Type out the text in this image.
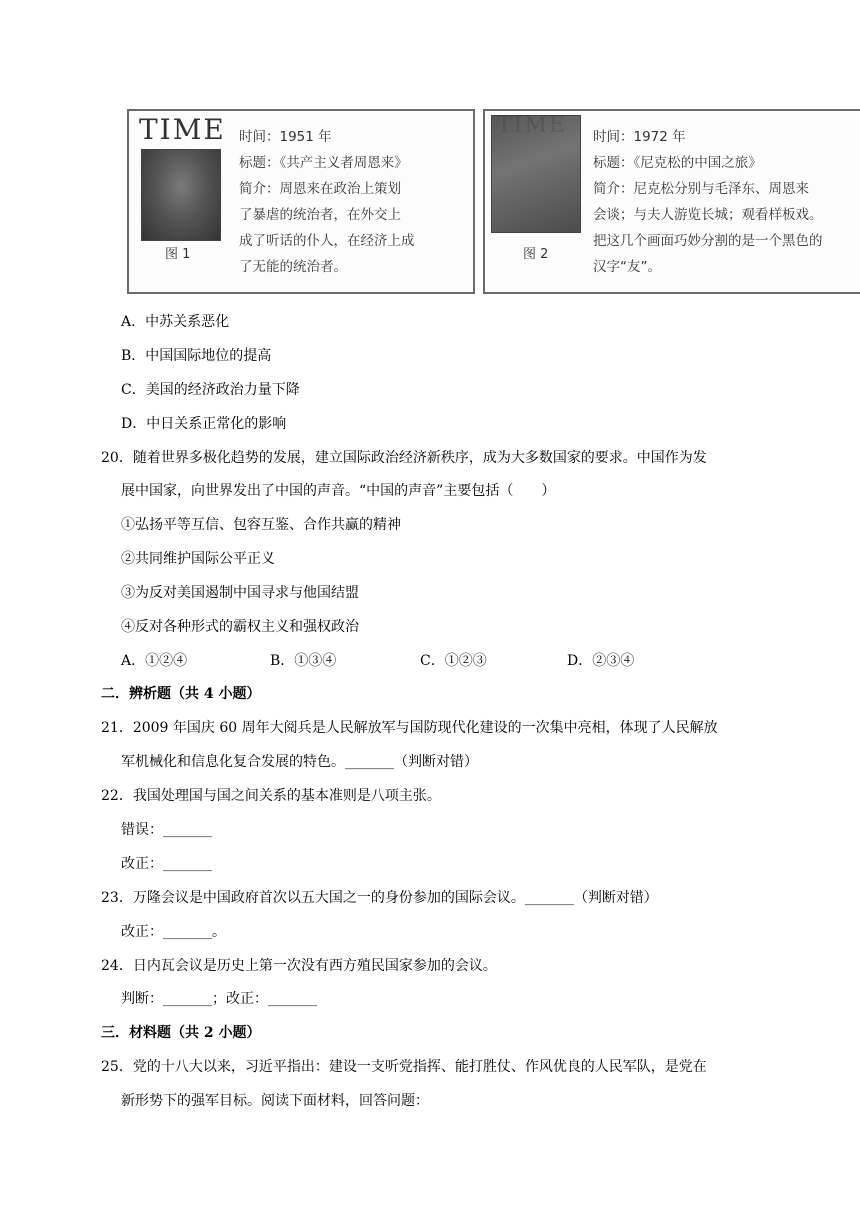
TIME
图 1
时间：1951 年
标题：《共产主义者周恩来》
简介：周恩来在政治上策划
了暴虐的统治者，在外交上
成了听话的仆人，在经济上成
了无能的统治者。
图 2
时间：1972 年
标题：《尼克松的中国之旅》
简介：尼克松分别与毛泽东、周恩来
会谈；与夫人游览长城；观看样板戏。
把这几个画面巧妙分割的是一个黑色的
汉字“友”。
A．中苏关系恶化
B．中国国际地位的提高
C．美国的经济政治力量下降
D．中日关系正常化的影响
20．随着世界多极化趋势的发展，建立国际政治经济新秩序，成为大多数国家的要求。中国作为发
展中国家，向世界发出了中国的声音。“中国的声音”主要包括（　　）
①弘扬平等互信、包容互鉴、合作共赢的精神
②共同维护国际公平正义
③为反对美国遏制中国寻求与他国结盟
④反对各种形式的霸权主义和强权政治
A．①②④	B．①③④	C．①②③	D．②③④
二．辨析题（共 4 小题）
21．2009 年国庆 60 周年大阅兵是人民解放军与国防现代化建设的一次集中亮相，体现了人民解放
军机械化和信息化复合发展的特色。_______（判断对错）
22．我国处理国与国之间关系的基本准则是八项主张。
错误：_______
改正：_______
23．万隆会议是中国政府首次以五大国之一的身份参加的国际会议。_______（判断对错）
改正：_______。
24．日内瓦会议是历史上第一次没有西方殖民国家参加的会议。
判断：_______；改正：_______
三．材料题（共 2 小题）
25．党的十八大以来，习近平指出：建设一支听党指挥、能打胜仗、作风优良的人民军队，是党在
新形势下的强军目标。阅读下面材料，回答问题：
